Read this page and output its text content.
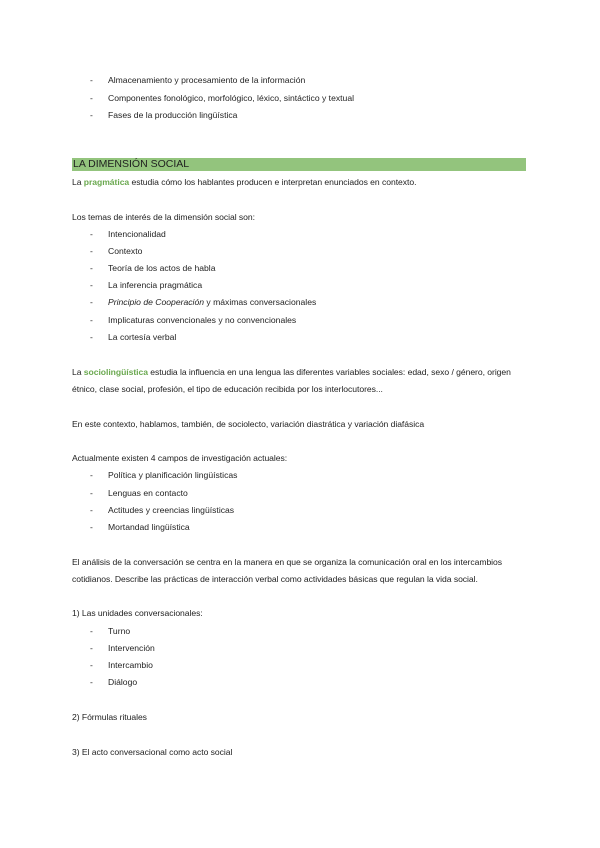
- Almacenamiento y procesamiento de la información
- Componentes fonológico, morfológico, léxico, sintáctico y textual
- Fases de la producción lingüística
LA DIMENSIÓN SOCIAL
La pragmática estudia cómo los hablantes producen e interpretan enunciados en contexto.
Los temas de interés de la dimensión social son:
- Intencionalidad
- Contexto
- Teoría de los actos de habla
- La inferencia pragmática
- Principio de Cooperación y máximas conversacionales
- Implicaturas convencionales y no convencionales
- La cortesía verbal
La sociolingüística estudia la influencia en una lengua las diferentes variables sociales: edad, sexo / género, origen
étnico, clase social, profesión, el tipo de educación recibida por los interlocutores...
En este contexto, hablamos, también, de sociolecto, variación diastrática y variación diafásica
Actualmente existen 4 campos de investigación actuales:
- Política y planificación lingüísticas
- Lenguas en contacto
- Actitudes y creencias lingüísticas
- Mortandad lingüística
El análisis de la conversación se centra en la manera en que se organiza la comunicación oral en los intercambios
cotidianos. Describe las prácticas de interacción verbal como actividades básicas que regulan la vida social.
1) Las unidades conversacionales:
- Turno
- Intervención
- Intercambio
- Diálogo
2) Fórmulas rituales
3) El acto conversacional como acto social
